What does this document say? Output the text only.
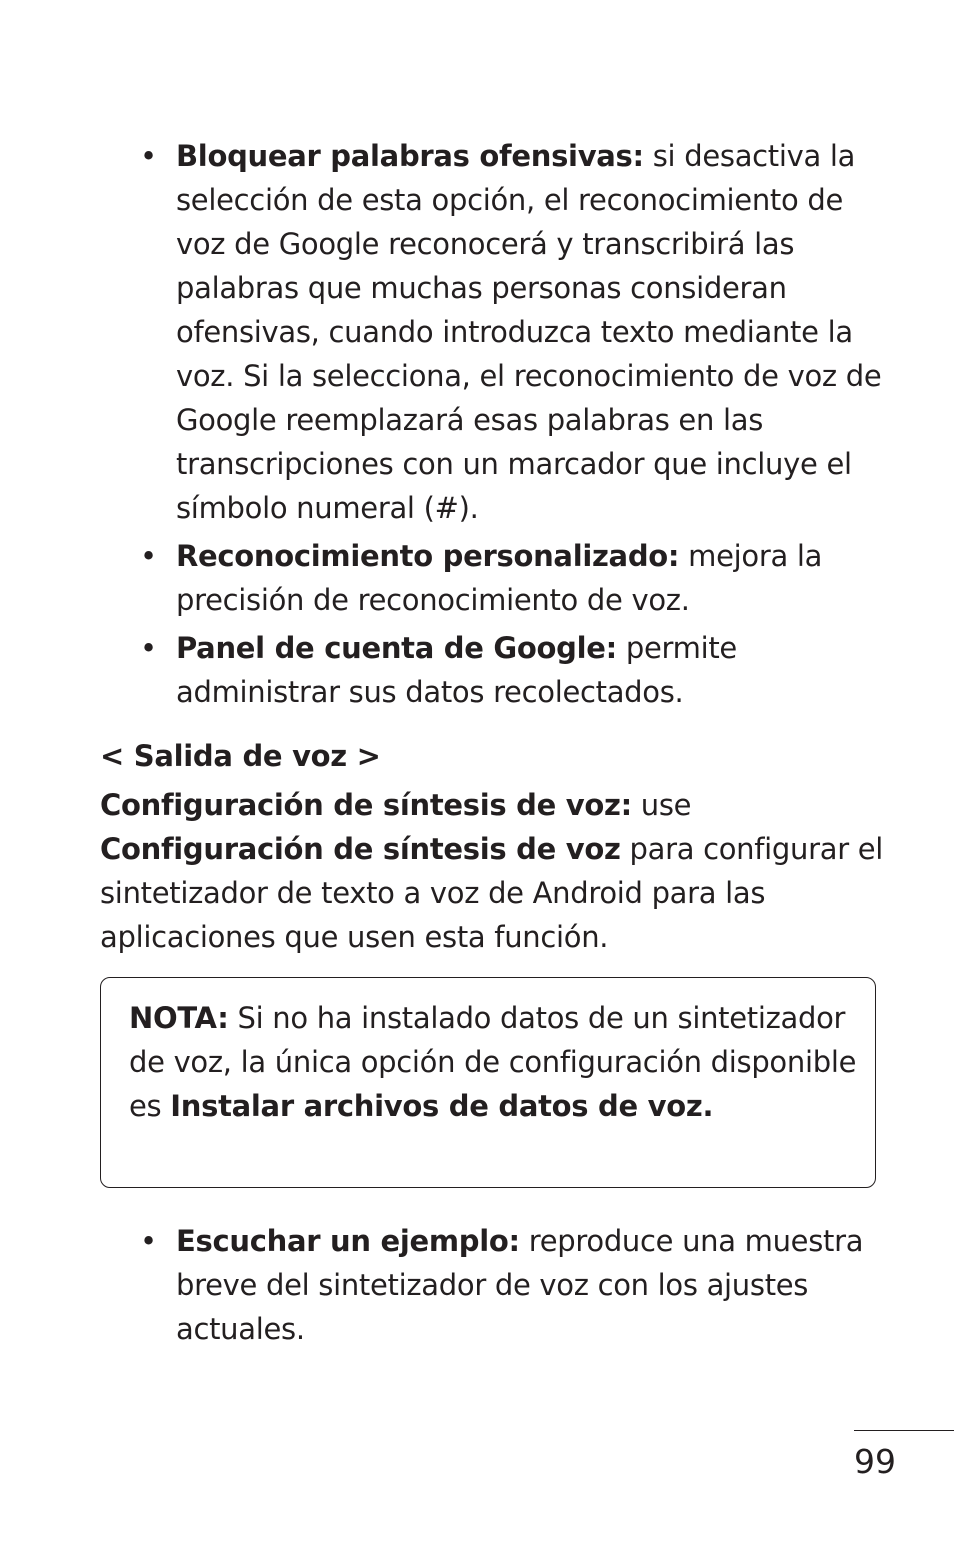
• Bloquear palabras ofensivas: si desactiva la selección de esta opción, el reconocimiento de voz de Google reconocerá y transcribirá las palabras que muchas personas consideran ofensivas, cuando introduzca texto mediante la voz. Si la selecciona, el reconocimiento de voz de Google reemplazará esas palabras en las transcripciones con un marcador que incluye el símbolo numeral (#).
• Reconocimiento personalizado: mejora la precisión de reconocimiento de voz.
• Panel de cuenta de Google: permite administrar sus datos recolectados.
< Salida de voz >

Configuración de síntesis de voz: use Configuración de síntesis de voz para configurar el sintetizador de texto a voz de Android para las aplicaciones que usen esta función.

NOTA: Si no ha instalado datos de un sintetizador de voz, la única opción de configuración disponible es Instalar archivos de datos de voz.

• Escuchar un ejemplo: reproduce una muestra breve del sintetizador de voz con los ajustes actuales.
99
